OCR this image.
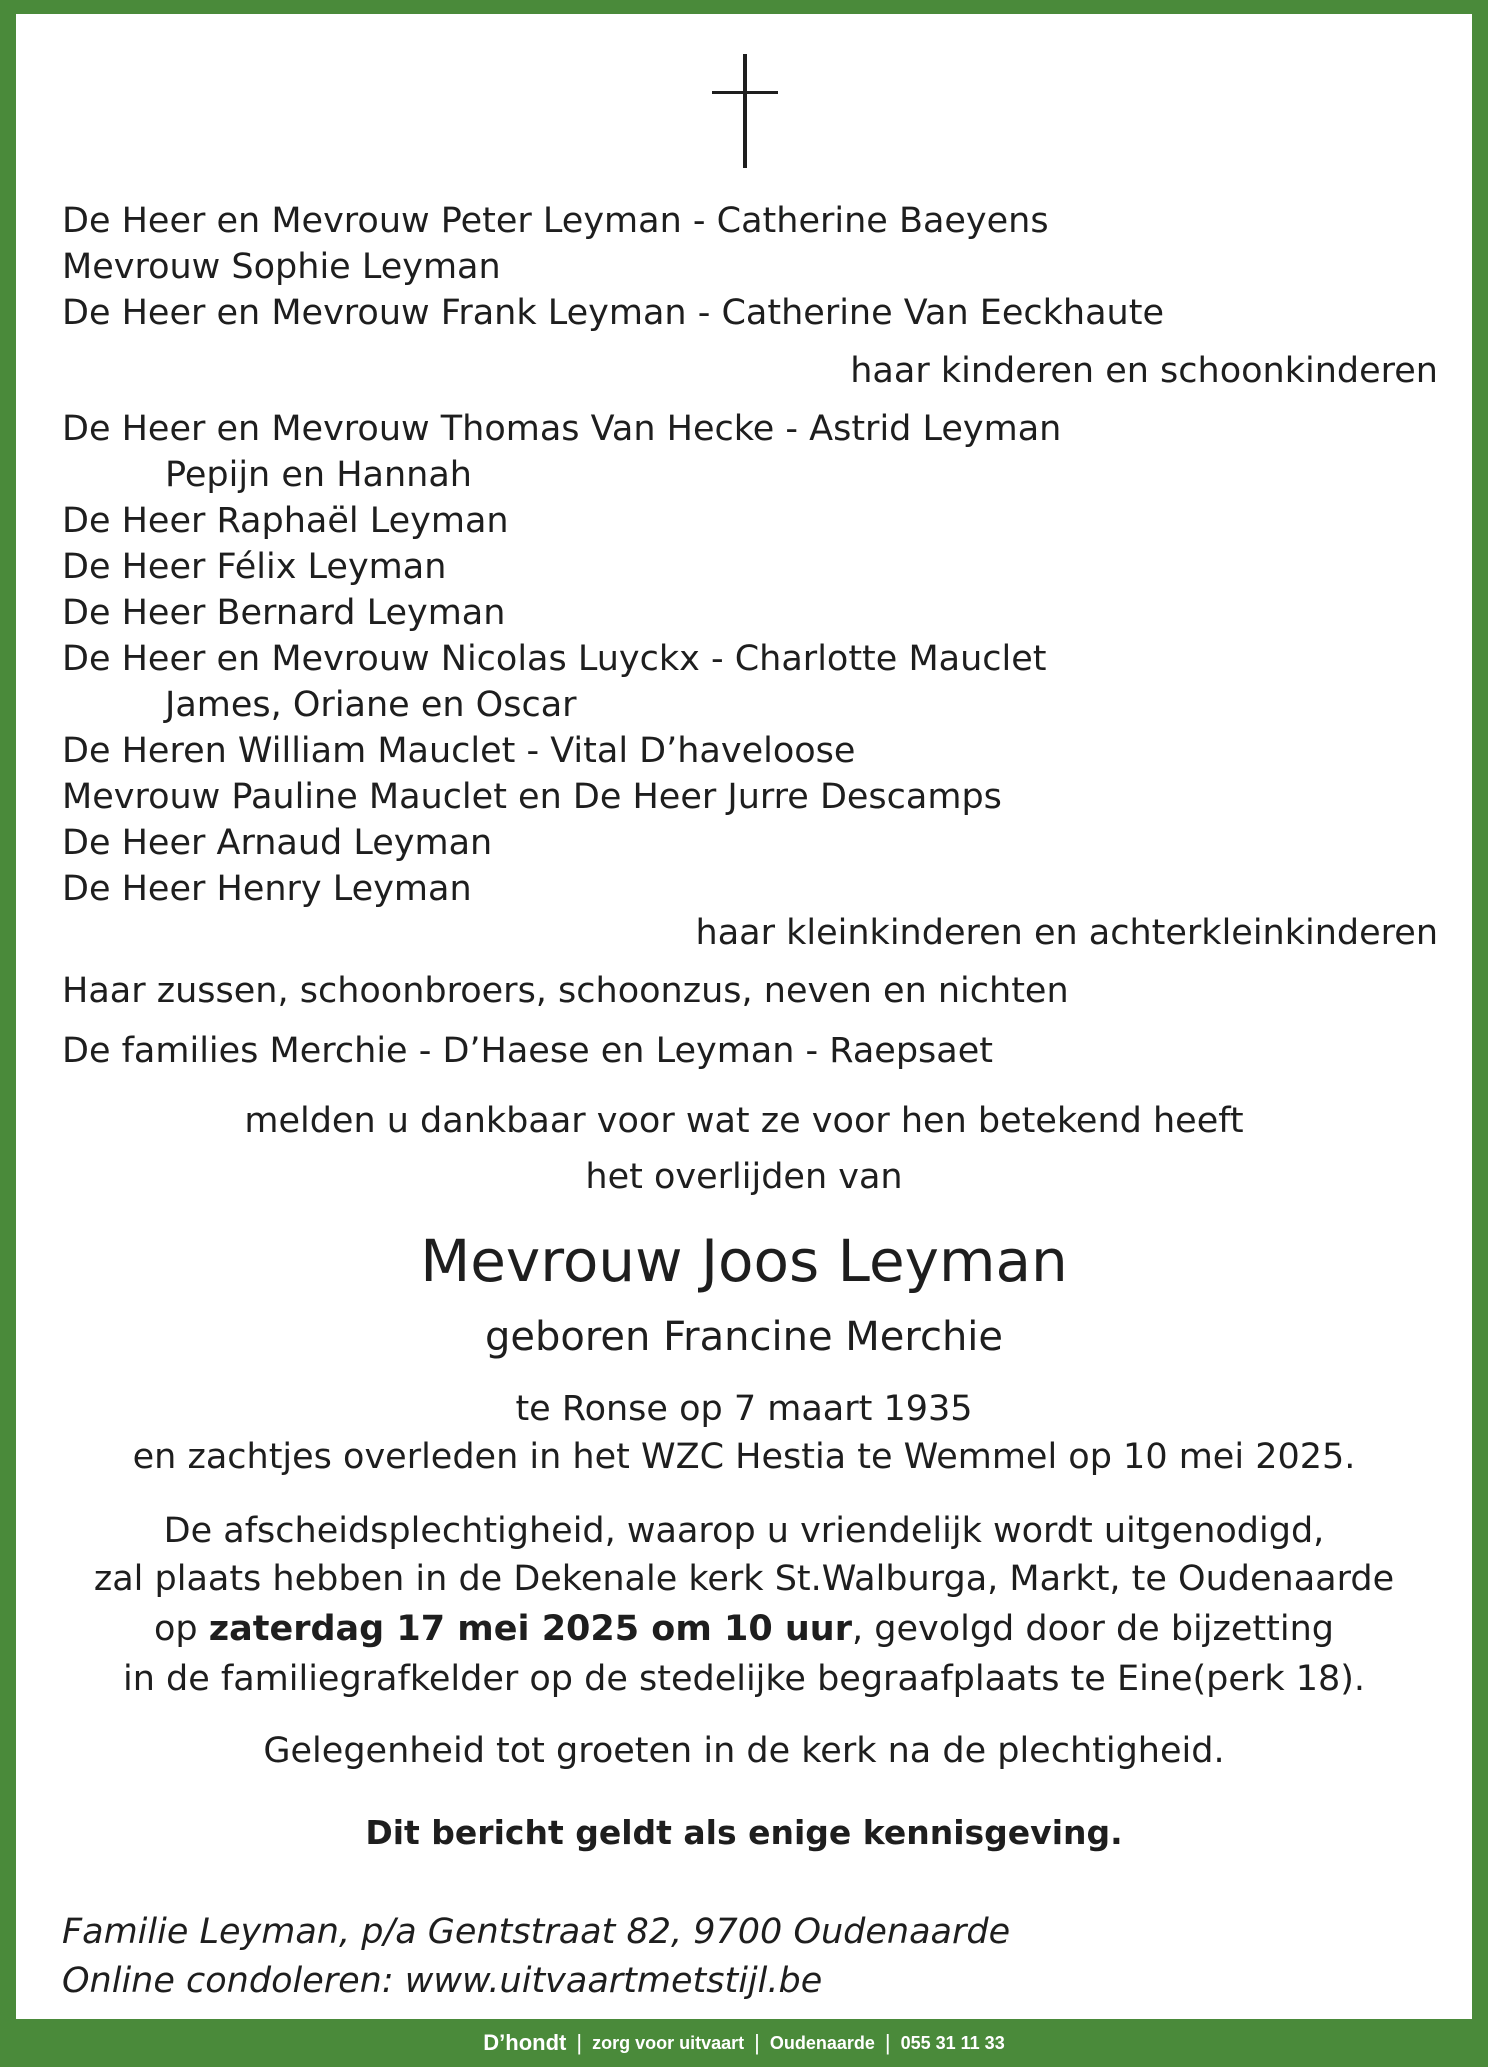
De Heer en Mevrouw Peter Leyman - Catherine Baeyens
Mevrouw Sophie Leyman
De Heer en Mevrouw Frank Leyman - Catherine Van Eeckhaute
haar kinderen en schoonkinderen
De Heer en Mevrouw Thomas Van Hecke - Astrid Leyman
Pepijn en Hannah
De Heer Raphaël Leyman
De Heer Félix Leyman
De Heer Bernard Leyman
De Heer en Mevrouw Nicolas Luyckx - Charlotte Mauclet
James, Oriane en Oscar
De Heren William Mauclet - Vital D’haveloose
Mevrouw Pauline Mauclet en De Heer Jurre Descamps
De Heer Arnaud Leyman
De Heer Henry Leyman
haar kleinkinderen en achterkleinkinderen
Haar zussen, schoonbroers, schoonzus, neven en nichten
De families Merchie - D’Haese en Leyman - Raepsaet
melden u dankbaar voor wat ze voor hen betekend heeft
het overlijden van
Mevrouw Joos Leyman
geboren Francine Merchie
te Ronse op 7 maart 1935
en zachtjes overleden in het WZC Hestia te Wemmel op 10 mei 2025.
De afscheidsplechtigheid, waarop u vriendelijk wordt uitgenodigd,
zal plaats hebben in de Dekenale kerk St.Walburga, Markt, te Oudenaarde
op zaterdag 17 mei 2025 om 10 uur, gevolgd door de bijzetting
in de familiegrafkelder op de stedelijke begraafplaats te Eine(perk 18).
Gelegenheid tot groeten in de kerk na de plechtigheid.
Dit bericht geldt als enige kennisgeving.
Familie Leyman, p/a Gentstraat 82, 9700 Oudenaarde
Online condoleren: www.uitvaartmetstijl.be
D’hondt | zorg voor uitvaart | Oudenaarde | 055 31 11 33
